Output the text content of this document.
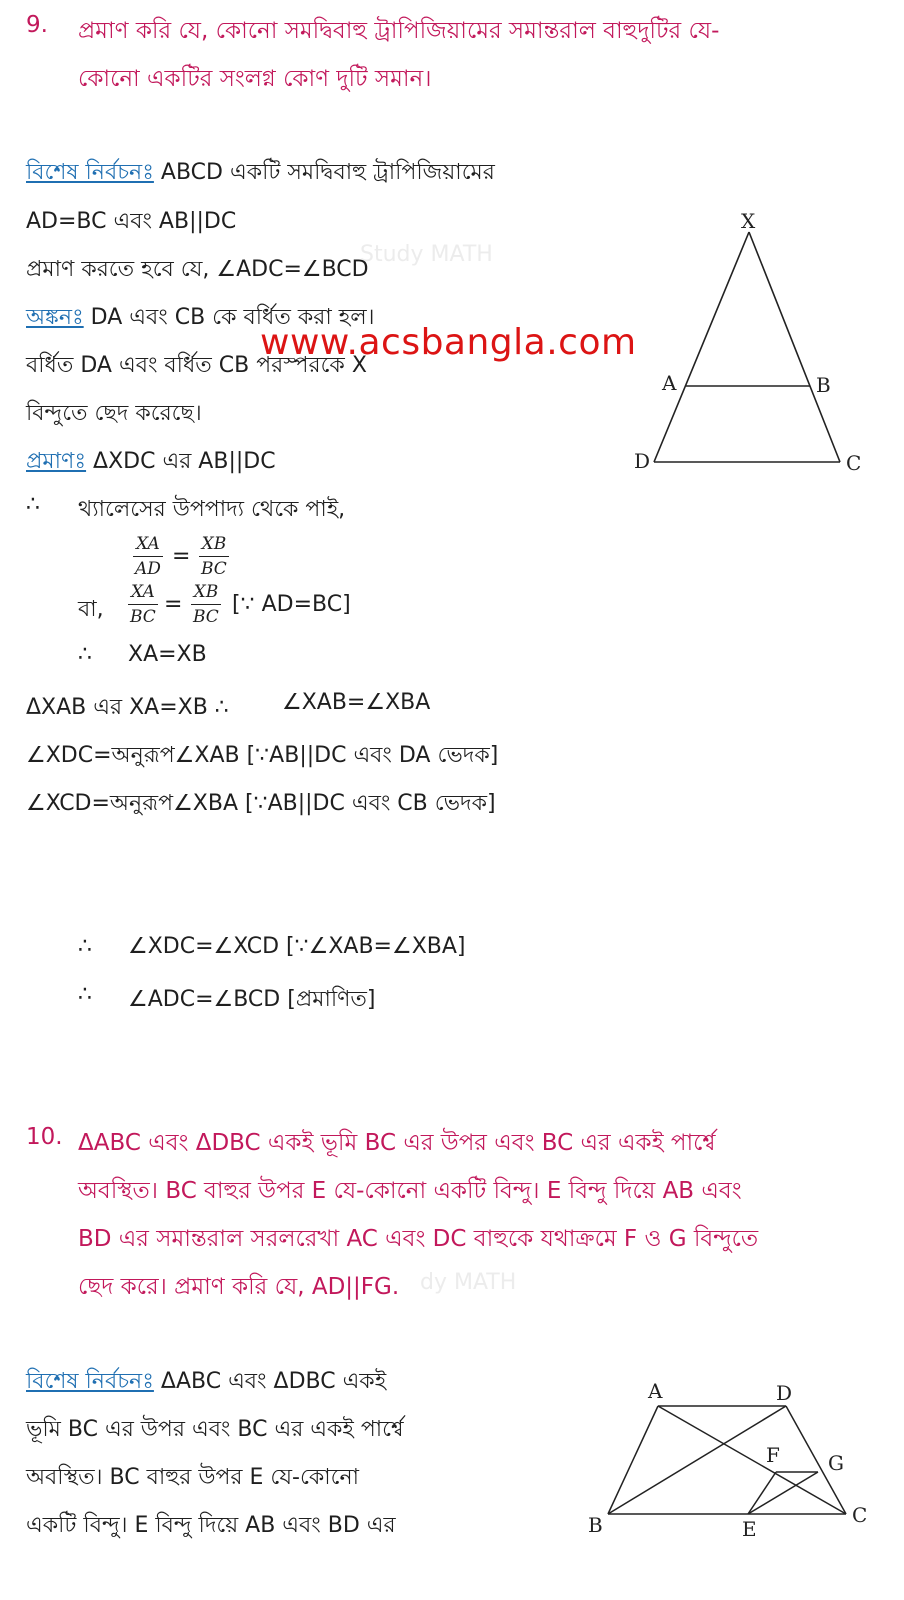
9. প্রমাণ করি যে, কোনো সমদ্বিবাহু ট্রাপিজিয়ামের সমান্তরাল বাহুদুটির যে-
কোনো একটির সংলগ্ন কোণ দুটি সমান।
বিশেষ নির্বচনঃ ABCD একটি সমদ্বিবাহু ট্রাপিজিয়ামের
AD=BC এবং AB||DC
Study MATH
প্রমাণ করতে হবে যে, ∠ADC=∠BCD
অঙ্কনঃ DA এবং CB কে বর্ধিত করা হল।
বর্ধিত DA এবং বর্ধিত CB পরস্পরকে X
www.acsbangla.com
বিন্দুতে ছেদ করেছে।
প্রমাণঃ ΔXDC এর AB||DC
∴ থ্যালেসের উপপাদ্য থেকে পাই,
$\frac{XA}{AD} = \frac{XB}{BC}$
বা, $\frac{XA}{BC} = \frac{XB}{BC}$ [∵ AD=BC]
∴ XA=XB
ΔXAB এর XA=XB ∴ ∠XAB=∠XBA
∠XDC=অনুরূপ∠XAB [∵AB||DC এবং DA ভেদক]
∠XCD=অনুরূপ∠XBA [∵AB||DC এবং CB ভেদক]
∴ ∠XDC=∠XCD [∵∠XAB=∠XBA]
∴ ∠ADC=∠BCD [প্রমাণিত]
X
A	B
D	C
10. ΔABC এবং ΔDBC একই ভূমি BC এর উপর এবং BC এর একই পার্শ্বে
অবস্থিত। BC বাহুর উপর E যে-কোনো একটি বিন্দু। E বিন্দু দিয়ে AB এবং
BD এর সমান্তরাল সরলরেখা AC এবং DC বাহুকে যথাক্রমে F ও G বিন্দুতে
dy MATH
ছেদ করে। প্রমাণ করি যে, AD||FG.
বিশেষ নির্বচনঃ ΔABC এবং ΔDBC একই
ভূমি BC এর উপর এবং BC এর একই পার্শ্বে
অবস্থিত। BC বাহুর উপর E যে-কোনো
একটি বিন্দু। E বিন্দু দিয়ে AB এবং BD এর
A	D
F G
B	E
C
